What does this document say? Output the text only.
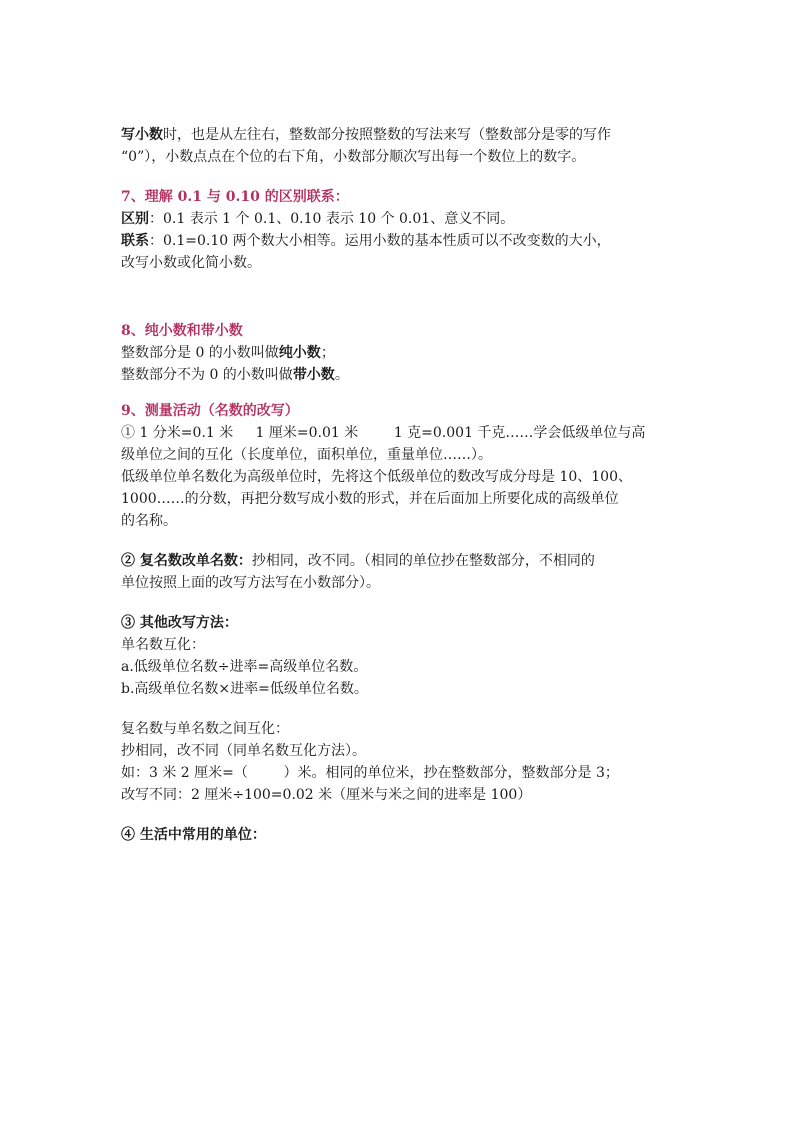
写小数时，也是从左往右，整数部分按照整数的写法来写（整数部分是零的写作
“0”），小数点点在个位的右下角，小数部分顺次写出每一个数位上的数字。
7、理解 0.1 与 0.10 的区别联系：
区别：0.1 表示 1 个 0.1、0.10 表示 10 个 0.01、意义不同。
联系：0.1=0.10 两个数大小相等。运用小数的基本性质可以不改变数的大小，
改写小数或化简小数。
8、纯小数和带小数
整数部分是 0 的小数叫做纯小数；
整数部分不为 0 的小数叫做带小数。
9、测量活动（名数的改写）
① 1 分米=0.1 米     1 厘米=0.01 米        1 克=0.001 千克……学会低级单位与高
级单位之间的互化（长度单位，面积单位，重量单位……）。
低级单位单名数化为高级单位时，先将这个低级单位的数改写成分母是 10、100、
1000……的分数，再把分数写成小数的形式，并在后面加上所要化成的高级单位
的名称。
② 复名数改单名数：抄相同，改不同。（相同的单位抄在整数部分，不相同的
单位按照上面的改写方法写在小数部分）。
③ 其他改写方法：
单名数互化：
a.低级单位名数÷进率=高级单位名数。
b.高级单位名数×进率=低级单位名数。
复名数与单名数之间互化：
抄相同，改不同（同单名数互化方法）。
如：3 米 2 厘米=（        ）米。相同的单位米，抄在整数部分，整数部分是 3；
改写不同：2 厘米÷100=0.02 米（厘米与米之间的进率是 100）
④ 生活中常用的单位：
